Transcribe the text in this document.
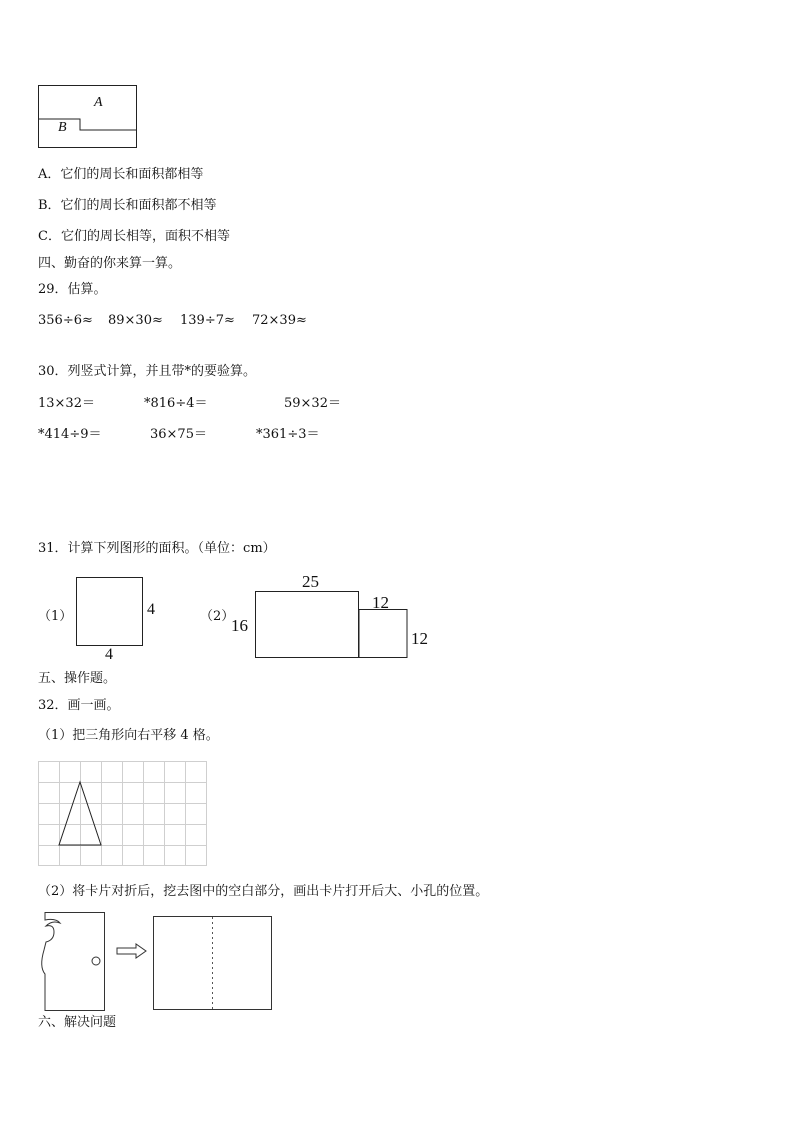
A
B
A．它们的周长和面积都相等
B．它们的周长和面积都不相等
C．它们的周长相等，面积不相等
四、勤奋的你来算一算。
29．估算。
356÷6≈ 89×30≈ 139÷7≈ 72×39≈
30．列竖式计算，并且带*的要验算。
13×32＝	*816÷4＝	59×32＝
*414÷9＝	36×75＝	*361÷3＝
31．计算下列图形的面积。（单位：cm）
（1）	4
4
（2）
25
16
12
12
五、操作题。
32．画一画。
（1）把三角形向右平移 4 格。
（2）将卡片对折后，挖去图中的空白部分，画出卡片打开后大、小孔的位置。
六、解决问题
